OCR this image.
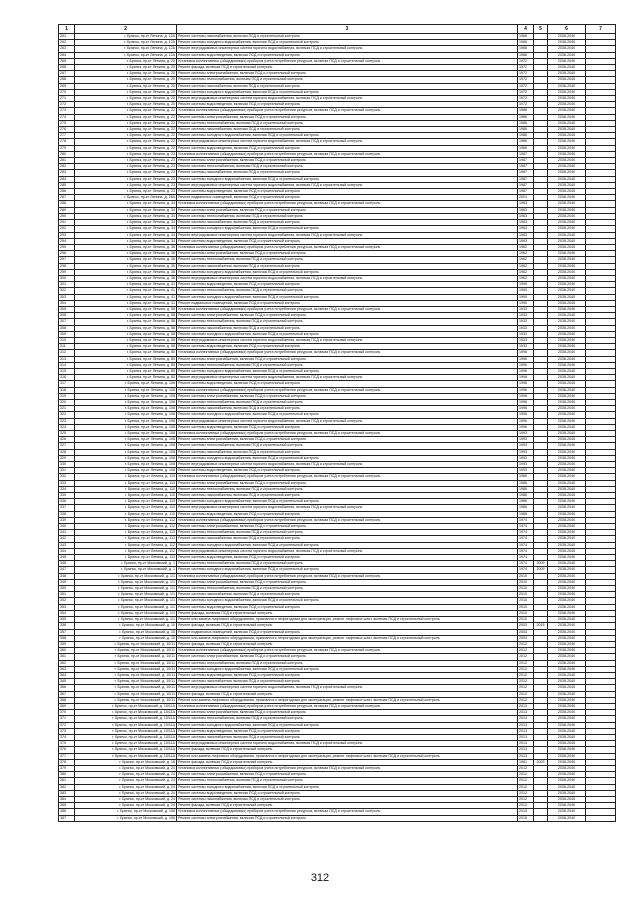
1	2	3	4	5	6	7
261	г. Брянск, пр-кт Ленина, д. 12А	Ремонт системы газоснабжения, включая ПСД и строительный контроль	1966		2038-2040	
262	г. Брянск, пр-кт Ленина, д. 12А	Ремонт системы холодного водоснабжения, включая ПСД и строительный контроль	1966		2038-2040	
263	г. Брянск, пр-кт Ленина, д. 12А	Ремонт внутридомовых инженерных систем горячего водоснабжения, включая ПСД и строительный контроль	1966		2038-2040	
264	г. Брянск, пр-кт Ленина, д. 12А	Ремонт системы водоотведения, включая ПСД и строительный контроль	1966		2038-2040	
265	г. Брянск, пр-кт Ленина, д. 20	Установка коллективных (общедомовых) приборов учета потребления ресурсов, включая ПСД и строительный контроль	1972		2038-2040	
266	г. Брянск, пр-кт Ленина, д. 20	Ремонт фасада, включая ПСД и строительный контроль	1972		2038-2040	
267	г. Брянск, пр-кт Ленина, д. 20	Ремонт системы электроснабжения, включая ПСД и строительный контроль	1972		2038-2040	
268	г. Брянск, пр-кт Ленина, д. 20	Ремонт системы теплоснабжения, включая ПСД и строительный контроль	1972		2038-2040	
269	г. Брянск, пр-кт Ленина, д. 20	Ремонт системы газоснабжения, включая ПСД и строительный контроль	1972		2038-2040	
270	г. Брянск, пр-кт Ленина, д. 20	Ремонт системы холодного водоснабжения, включая ПСД и строительный контроль	1972		2038-2040	
271	г. Брянск, пр-кт Ленина, д. 20	Ремонт внутридомовых инженерных систем горячего водоснабжения, включая ПСД и строительный контроль	1972		2038-2040	
272	г. Брянск, пр-кт Ленина, д. 20	Ремонт системы водоотведения, включая ПСД и строительный контроль	1972		2038-2040	
273	г. Брянск, пр-кт Ленина, д. 22	Установка коллективных (общедомовых) приборов учета потребления ресурсов, включая ПСД и строительный контроль	1986		2038-2040	
274	г. Брянск, пр-кт Ленина, д. 22	Ремонт системы электроснабжения, включая ПСД и строительный контроль	1986		2038-2040	
275	г. Брянск, пр-кт Ленина, д. 22	Ремонт системы теплоснабжения, включая ПСД и строительный контроль	1986		2038-2040	
276	г. Брянск, пр-кт Ленина, д. 22	Ремонт системы газоснабжения, включая ПСД и строительный контроль	1986		2038-2040	
277	г. Брянск, пр-кт Ленина, д. 22	Ремонт системы холодного водоснабжения, включая ПСД и строительный контроль	1986		2038-2040	
278	г. Брянск, пр-кт Ленина, д. 22	Ремонт внутридомовых инженерных систем горячего водоснабжения, включая ПСД и строительный контроль	1986		2038-2040	
279	г. Брянск, пр-кт Ленина, д. 22	Ремонт системы водоотведения, включая ПСД и строительный контроль	1986		2038-2040	
280	г. Брянск, пр-кт Ленина, д. 23	Установка коллективных (общедомовых) приборов учета потребления ресурсов, включая ПСД и строительный контроль	1987		2038-2040	
281	г. Брянск, пр-кт Ленина, д. 23	Ремонт системы электроснабжения, включая ПСД и строительный контроль	1987		2038-2040	
282	г. Брянск, пр-кт Ленина, д. 23	Ремонт системы теплоснабжения, включая ПСД и строительный контроль	1987		2038-2040	
283	г. Брянск, пр-кт Ленина, д. 23	Ремонт системы газоснабжения, включая ПСД и строительный контроль	1987		2038-2040	
284	г. Брянск, пр-кт Ленина, д. 23	Ремонт системы холодного водоснабжения, включая ПСД и строительный контроль	1987		2038-2040	
285	г. Брянск, пр-кт Ленина, д. 23	Ремонт внутридомовых инженерных систем горячего водоснабжения, включая ПСД и строительный контроль	1987		2038-2040	
286	г. Брянск, пр-кт Ленина, д. 23	Ремонт системы водоотведения, включая ПСД и строительный контроль	1987		2038-2040	
287	г. Брянск, пр-кт Ленина, д. 28А	Ремонт подвальных помещений, включая ПСД и строительный контроль	2001		2038-2040	
288	г. Брянск, пр-кт Ленина, д. 34	Установка коллективных (общедомовых) приборов учета потребления ресурсов, включая ПСД и строительный контроль	1963		2038-2040	
289	г. Брянск, пр-кт Ленина, д. 34	Ремонт системы электроснабжения, включая ПСД и строительный контроль	1963		2038-2040	
290	г. Брянск, пр-кт Ленина, д. 34	Ремонт системы теплоснабжения, включая ПСД и строительный контроль	1963		2038-2040	
291	г. Брянск, пр-кт Ленина, д. 34	Ремонт системы газоснабжения, включая ПСД и строительный контроль	1963		2038-2040	
292	г. Брянск, пр-кт Ленина, д. 34	Ремонт системы холодного водоснабжения, включая ПСД и строительный контроль	1963		2038-2040	
293	г. Брянск, пр-кт Ленина, д. 34	Ремонт внутридомовых инженерных систем горячего водоснабжения, включая ПСД и строительный контроль	1963		2038-2040	
294	г. Брянск, пр-кт Ленина, д. 34	Ремонт системы водоотведения, включая ПСД и строительный контроль	1963		2038-2040	
295	г. Брянск, пр-кт Ленина, д. 36	Установка коллективных (общедомовых) приборов учета потребления ресурсов, включая ПСД и строительный контроль	1962		2038-2040	
296	г. Брянск, пр-кт Ленина, д. 36	Ремонт системы электроснабжения, включая ПСД и строительный контроль	1962		2038-2040	
297	г. Брянск, пр-кт Ленина, д. 36	Ремонт системы теплоснабжения, включая ПСД и строительный контроль	1962		2038-2040	
298	г. Брянск, пр-кт Ленина, д. 36	Ремонт системы газоснабжения, включая ПСД и строительный контроль	1962		2038-2040	
299	г. Брянск, пр-кт Ленина, д. 36	Ремонт системы холодного водоснабжения, включая ПСД и строительный контроль	1962		2038-2040	
300	г. Брянск, пр-кт Ленина, д. 36	Ремонт внутридомовых инженерных систем горячего водоснабжения, включая ПСД и строительный контроль	1962		2038-2040	
301	г. Брянск, пр-кт Ленина, д. 41	Ремонт системы водоотведения, включая ПСД и строительный контроль	1990		2038-2040	
302	г. Брянск, пр-кт Ленина, д. 41	Ремонт системы теплоснабжения, включая ПСД и строительный контроль	1990		2038-2040	
303	г. Брянск, пр-кт Ленина, д. 41	Ремонт системы холодного водоснабжения, включая ПСД и строительный контроль	1990		2038-2040	
304	г. Брянск, пр-кт Ленина, д. 41	Ремонт подвальных помещений, включая ПСД и строительный контроль	1990		2038-2040	
305	г. Брянск, пр-кт Ленина, д. 58	Установка коллективных (общедомовых) приборов учета потребления ресурсов, включая ПСД и строительный контроль	1933		2038-2040	
306	г. Брянск, пр-кт Ленина, д. 58	Ремонт системы электроснабжения, включая ПСД и строительный контроль	1933		2038-2040	
307	г. Брянск, пр-кт Ленина, д. 58	Ремонт системы теплоснабжения, включая ПСД и строительный контроль	1933		2038-2040	
308	г. Брянск, пр-кт Ленина, д. 58	Ремонт системы газоснабжения, включая ПСД и строительный контроль	1933		2038-2040	
309	г. Брянск, пр-кт Ленина, д. 58	Ремонт системы холодного водоснабжения, включая ПСД и строительный контроль	1933		2038-2040	
310	г. Брянск, пр-кт Ленина, д. 58	Ремонт внутридомовых инженерных систем горячего водоснабжения, включая ПСД и строительный контроль	1933		2038-2040	
311	г. Брянск, пр-кт Ленина, д. 58	Ремонт системы водоотведения, включая ПСД и строительный контроль	1933		2038-2040	
312	г. Брянск, пр-кт Ленина, д. 80	Установка коллективных (общедомовых) приборов учета потребления ресурсов, включая ПСД и строительный контроль	1996		2038-2040	
313	г. Брянск, пр-кт Ленина, д. 80	Ремонт системы электроснабжения, включая ПСД и строительный контроль	1996		2038-2040	
314	г. Брянск, пр-кт Ленина, д. 80	Ремонт системы теплоснабжения, включая ПСД и строительный контроль	1996		2038-2040	
315	г. Брянск, пр-кт Ленина, д. 80	Ремонт системы холодного водоснабжения, включая ПСД и строительный контроль	1996		2038-2040	
316	г. Брянск, пр-кт Ленина, д. 80	Ремонт внутридомовых инженерных систем горячего водоснабжения, включая ПСД и строительный контроль	1996		2038-2040	
317	г. Брянск, пр-кт Ленина, д. 106	Ремонт системы водоотведения, включая ПСД и строительный контроль	1996		2038-2040	
318	г. Брянск, пр-кт Ленина, д. 106	Установка коллективных (общедомовых) приборов учета потребления ресурсов, включая ПСД и строительный контроль	1996		2038-2040	
319	г. Брянск, пр-кт Ленина, д. 106	Ремонт системы электроснабжения, включая ПСД и строительный контроль	1996		2038-2040	
320	г. Брянск, пр-кт Ленина, д. 106	Ремонт системы теплоснабжения, включая ПСД и строительный контроль	1996		2038-2040	
321	г. Брянск, пр-кт Ленина, д. 106	Ремонт системы газоснабжения, включая ПСД и строительный контроль	1996		2038-2040	
322	г. Брянск, пр-кт Ленина, д. 106	Ремонт системы холодного водоснабжения, включая ПСД и строительный контроль	1996		2038-2040	
323	г. Брянск, пр-кт Ленина, д. 106	Ремонт внутридомовых инженерных систем горячего водоснабжения, включая ПСД и строительный контроль	1996		2038-2040	
324	г. Брянск, пр-кт Ленина, д. 106	Ремонт системы водоотведения, включая ПСД и строительный контроль	1996		2038-2040	
325	г. Брянск, пр-кт Ленина, д. 108	Установка коллективных (общедомовых) приборов учета потребления ресурсов, включая ПСД и строительный контроль	1993		2038-2040	
326	г. Брянск, пр-кт Ленина, д. 108	Ремонт системы электроснабжения, включая ПСД и строительный контроль	1993		2038-2040	
327	г. Брянск, пр-кт Ленина, д. 108	Ремонт системы теплоснабжения, включая ПСД и строительный контроль	1993		2038-2040	
328	г. Брянск, пр-кт Ленина, д. 108	Ремонт системы газоснабжения, включая ПСД и строительный контроль	1993		2038-2040	
329	г. Брянск, пр-кт Ленина, д. 108	Ремонт системы холодного водоснабжения, включая ПСД и строительный контроль	1993		2038-2040	
330	г. Брянск, пр-кт Ленина, д. 108	Ремонт внутридомовых инженерных систем горячего водоснабжения, включая ПСД и строительный контроль	1993		2038-2040	
331	г. Брянск, пр-кт Ленина, д. 108	Ремонт системы водоотведения, включая ПСД и строительный контроль	1993		2038-2040	
332	г. Брянск, пр-кт Ленина, д. 110	Установка коллективных (общедомовых) приборов учета потребления ресурсов, включая ПСД и строительный контроль	1986		2038-2040	
333	г. Брянск, пр-кт Ленина, д. 110	Ремонт системы электроснабжения, включая ПСД и строительный контроль	1986		2038-2040	
334	г. Брянск, пр-кт Ленина, д. 110	Ремонт системы теплоснабжения, включая ПСД и строительный контроль	1986		2038-2040	
335	г. Брянск, пр-кт Ленина, д. 110	Ремонт системы газоснабжения, включая ПСД и строительный контроль	1986		2038-2040	
336	г. Брянск, пр-кт Ленина, д. 110	Ремонт системы холодного водоснабжения, включая ПСД и строительный контроль	1986		2038-2040	
337	г. Брянск, пр-кт Ленина, д. 110	Ремонт внутридомовых инженерных систем горячего водоснабжения, включая ПСД и строительный контроль	1986		2038-2040	
338	г. Брянск, пр-кт Ленина, д. 110	Ремонт системы водоотведения, включая ПСД и строительный контроль	1986		2038-2040	
339	г. Брянск, пр-кт Ленина, д. 112	Установка коллективных (общедомовых) приборов учета потребления ресурсов, включая ПСД и строительный контроль	1974		2038-2040	
340	г. Брянск, пр-кт Ленина, д. 112	Ремонт системы электроснабжения, включая ПСД и строительный контроль	1974		2038-2040	
341	г. Брянск, пр-кт Ленина, д. 112	Ремонт системы теплоснабжения, включая ПСД и строительный контроль	1974		2038-2040	
342	г. Брянск, пр-кт Ленина, д. 112	Ремонт системы газоснабжения, включая ПСД и строительный контроль	1974		2038-2040	
343	г. Брянск, пр-кт Ленина, д. 112	Ремонт системы холодного водоснабжения, включая ПСД и строительный контроль	1974		2038-2040	
344	г. Брянск, пр-кт Ленина, д. 112	Ремонт внутридомовых инженерных систем горячего водоснабжения, включая ПСД и строительный контроль	1974		2038-2040	
345	г. Брянск, пр-кт Ленина, д. 112	Ремонт системы водоотведения, включая ПСД и строительный контроль	1974		2038-2040	
346	г. Брянск, пр-кт Московский, д. 1	Ремонт системы теплоснабжения, включая ПСД и строительный контроль	1974	2009	2038-2040	
347	г. Брянск, пр-кт Московский, д. 1	Ремонт системы холодного водоснабжения, включая ПСД и строительный контроль	1974	2009	2038-2040	
348	г. Брянск, пр-кт Московский, д. 1/1	Установка коллективных (общедомовых) приборов учета потребления ресурсов, включая ПСД и строительный контроль	2010		2038-2040	
349	г. Брянск, пр-кт Московский, д. 1/1	Ремонт системы электроснабжения, включая ПСД и строительный контроль	2010		2038-2040	
350	г. Брянск, пр-кт Московский, д. 1/1	Ремонт системы теплоснабжения, включая ПСД и строительный контроль	2010		2038-2040	
351	г. Брянск, пр-кт Московский, д. 1/1	Ремонт системы газоснабжения, включая ПСД и строительный контроль	2010		2038-2040	
352	г. Брянск, пр-кт Московский, д. 1/1	Ремонт системы холодного водоснабжения, включая ПСД и строительный контроль	2010		2038-2040	
353	г. Брянск, пр-кт Московский, д. 1/1	Ремонт системы водоотведения, включая ПСД и строительный контроль	2010		2038-2040	
354	г. Брянск, пр-кт Московский, д. 1/1	Ремонт фасада, включая ПСД и строительный контроль	2010		2038-2040	
355	г. Брянск, пр-кт Московский, д. 1/1	Ремонт или замена лифтового оборудования, признанного непригодным для эксплуатации, ремонт лифтовых шахт, включая ПСД и строительный контроль	2010		2038-2040	
356	г. Брянск, пр-кт Московский, д. 10	Ремонт фасада, включая ПСД и строительный контроль	2003	2015	2038-2040	
357	г. Брянск, пр-кт Московский, д. 10	Ремонт подвальных помещений, включая ПСД и строительный контроль	2003		2038-2040	
358	г. Брянск, пр-кт Московский, д. 10	Ремонт или замена лифтового оборудования, признанного непригодным для эксплуатации, ремонт лифтовых шахт, включая ПСД и строительный контроль	2003		2038-2040	
359	г. Брянск, пр-кт Московский, д. 10/11	Ремонт фасада, включая ПСД и строительный контроль	2012		2038-2040	
360	г. Брянск, пр-кт Московский, д. 10/11	Установка коллективных (общедомовых) приборов учета потребления ресурсов, включая ПСД и строительный контроль	2012		2038-2040	
361	г. Брянск, пр-кт Московский, д. 10/11	Ремонт системы электроснабжения, включая ПСД и строительный контроль	2012		2038-2040	
362	г. Брянск, пр-кт Московский, д. 10/11	Ремонт системы теплоснабжения, включая ПСД и строительный контроль	2012		2038-2040	
363	г. Брянск, пр-кт Московский, д. 10/11	Ремонт системы холодного водоснабжения, включая ПСД и строительный контроль	2012		2038-2040	
364	г. Брянск, пр-кт Московский, д. 10/11	Ремонт системы водоотведения, включая ПСД и строительный контроль	2012		2038-2040	
365	г. Брянск, пр-кт Московский, д. 10/11	Ремонт системы газоснабжения, включая ПСД и строительный контроль	2012		2038-2040	
366	г. Брянск, пр-кт Московский, д. 10/11	Ремонт внутридомовых инженерных систем горячего водоснабжения, включая ПСД и строительный контроль	2012		2038-2040	
367	г. Брянск, пр-кт Московский, д. 10/11	Ремонт фасада, включая ПСД и строительный контроль	2012		2038-2040	
368	г. Брянск, пр-кт Московский, д. 10/11	Ремонт или замена лифтового оборудования, признанного непригодным для эксплуатации, ремонт лифтовых шахт, включая ПСД и строительный контроль	2012		2038-2040	
369	г. Брянск, пр-кт Московский, д. 10/11А	Установка коллективных (общедомовых) приборов учета потребления ресурсов, включая ПСД и строительный контроль	2013		2038-2040	
370	г. Брянск, пр-кт Московский, д. 10/11А	Ремонт системы электроснабжения, включая ПСД и строительный контроль	2013		2038-2040	
371	г. Брянск, пр-кт Московский, д. 10/11А	Ремонт системы теплоснабжения, включая ПСД и строительный контроль	2013		2038-2040	
372	г. Брянск, пр-кт Московский, д. 10/11А	Ремонт системы холодного водоснабжения, включая ПСД и строительный контроль	2013		2038-2040	
373	г. Брянск, пр-кт Московский, д. 10/11А	Ремонт системы водоотведения, включая ПСД и строительный контроль	2013		2038-2040	
374	г. Брянск, пр-кт Московский, д. 10/11А	Ремонт системы газоснабжения, включая ПСД и строительный контроль	2013		2038-2040	
375	г. Брянск, пр-кт Московский, д. 10/11А	Ремонт внутридомовых инженерных систем горячего водоснабжения, включая ПСД и строительный контроль	2013		2038-2040	
376	г. Брянск, пр-кт Московский, д. 10/11А	Ремонт фасада, включая ПСД и строительный контроль	2013		2038-2040	
377	г. Брянск, пр-кт Московский, д. 10/11А	Ремонт или замена лифтового оборудования, признанного непригодным для эксплуатации, ремонт лифтовых шахт, включая ПСД и строительный контроль	2013		2038-2040	
378	г. Брянск, пр-кт Московский, д. 16	Ремонт фасада, включая ПСД и строительный контроль	1961	2003	2038-2040	
379	г. Брянск, пр-кт Московский, д. 24	Установка коллективных (общедомовых) приборов учета потребления ресурсов, включая ПСД и строительный контроль	2012		2038-2040	
380	г. Брянск, пр-кт Московский, д. 24	Ремонт системы электроснабжения, включая ПСД и строительный контроль	2012		2038-2040	
381	г. Брянск, пр-кт Московский, д. 24	Ремонт системы теплоснабжения, включая ПСД и строительный контроль	2012		2038-2040	
382	г. Брянск, пр-кт Московский, д. 24	Ремонт системы холодного водоснабжения, включая ПСД и строительный контроль	2012		2038-2040	
383	г. Брянск, пр-кт Московский, д. 24	Ремонт системы водоотведения, включая ПСД и строительный контроль	2012		2038-2040	
384	г. Брянск, пр-кт Московский, д. 24	Ремонт системы газоснабжения, включая ПСД и строительный контроль	2012		2038-2040	
385	г. Брянск, пр-кт Московский, д. 24	Ремонт фасада, включая ПСД и строительный контроль	2012		2038-2040	
386	г. Брянск, пр-кт Московский, д. 106	Установка коллективных (общедомовых) приборов учета потребления ресурсов, включая ПСД и строительный контроль	2015		2038-2040	
387	г. Брянск, пр-кт Московский, д. 106	Ремонт системы электроснабжения, включая ПСД и строительный контроль	2015		2038-2040	
312
